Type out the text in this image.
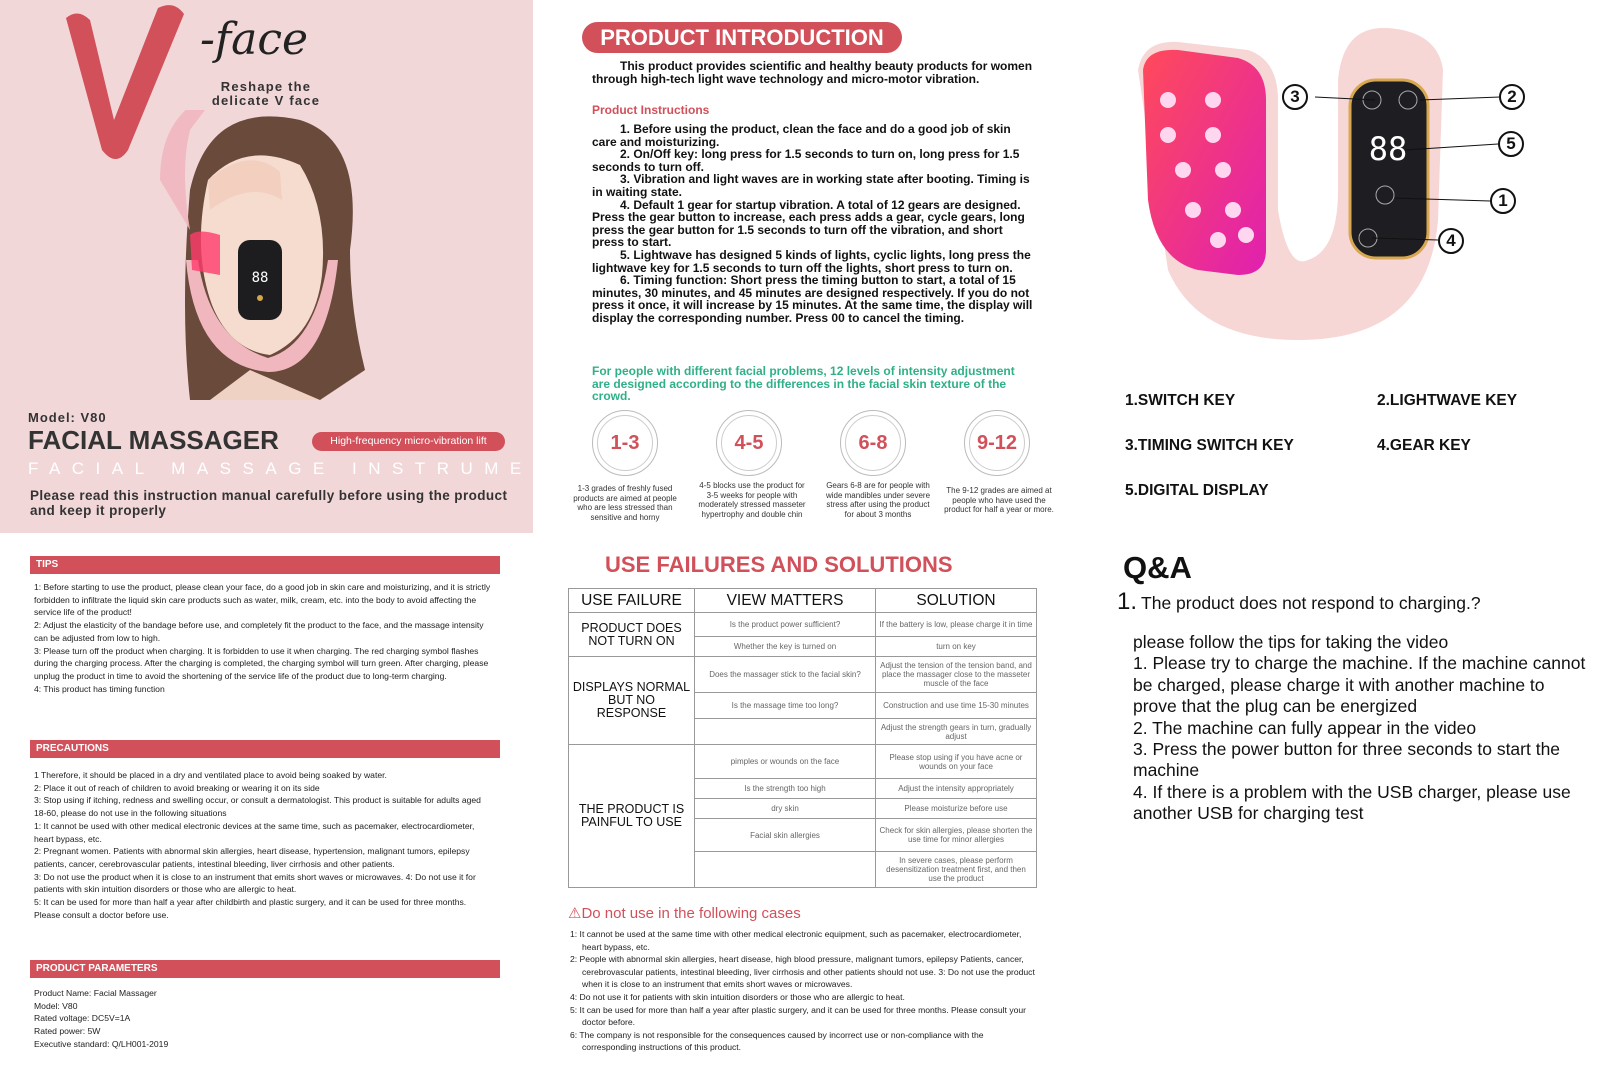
-face
Reshape the delicate V face
88
Model: V80
FACIAL MASSAGER	High-frequency micro-vibration lift
FACIAL MASSAGE INSTRUMENT
Please read this instruction manual carefully before using the product and keep it properly
TIPS

1: Before starting to use the product, please clean your face, do a good job in skin care and moisturizing, and it is strictly forbidden to infiltrate the liquid skin care products such as water, milk, cream, etc. into the body to avoid affecting the service life of the product!

2: Adjust the elasticity of the bandage before use, and completely fit the product to the face, and the massage intensity can be adjusted from low to high.

3: Please turn off the product when charging. It is forbidden to use it when charging. The red charging symbol flashes during the charging process. After the charging is completed, the charging symbol will turn green. After charging, please unplug the product in time to avoid the shortening of the service life of the product due to long-term charging.

4: This product has timing function

PRECAUTIONS

1 Therefore, it should be placed in a dry and ventilated place to avoid being soaked by water.

2: Place it out of reach of children to avoid breaking or wearing it on its side

3: Stop using if itching, redness and swelling occur, or consult a dermatologist. This product is suitable for adults aged 18-60, please do not use in the following situations

1: It cannot be used with other medical electronic devices at the same time, such as pacemaker, electrocardiometer, heart bypass, etc.

2: Pregnant women. Patients with abnormal skin allergies, heart disease, hypertension, malignant tumors, epilepsy patients, cancer, cerebrovascular patients, intestinal bleeding, liver cirrhosis and other patients.

3: Do not use the product when it is close to an instrument that emits short waves or microwaves. 4: Do not use it for patients with skin intuition disorders or those who are allergic to heat.

5: It can be used for more than half a year after childbirth and plastic surgery, and it can be used for three months. Please consult a doctor before use.

PRODUCT PARAMETERS

Product Name: Facial Massager

Model: V80

Rated voltage: DC5V=1A

Rated power: 5W

Executive standard: Q/LH001-2019

PRODUCT INTRODUCTION

This product provides scientific and healthy beauty products for women through high-tech light wave technology and micro-motor vibration.

Product Instructions

1. Before using the product, clean the face and do a good job of skin care and moisturizing.

2. On/Off key: long press for 1.5 seconds to turn on, long press for 1.5 seconds to turn off.

3. Vibration and light waves are in working state after booting. Timing is in waiting state.

4. Default 1 gear for startup vibration. A total of 12 gears are designed. Press the gear button to increase, each press adds a gear, cycle gears, long press the gear button for 1.5 seconds to turn off the vibration, and short press to start.

5. Lightwave has designed 5 kinds of lights, cyclic lights, long press the lightwave key for 1.5 seconds to turn off the lights, short press to turn on.

6. Timing function: Short press the timing button to start, a total of 15 minutes, 30 minutes, and 45 minutes are designed respectively. If you do not press it once, it will increase by 15 minutes. At the same time, the display will display the corresponding number. Press 00 to cancel the timing.

For people with different facial problems, 12 levels of intensity adjustment are designed according to the differences in the facial skin texture of the crowd.
1-3	4-5	6-8	9-12
1-3 grades of freshly fused products are aimed at people who are less stressed than sensitive and horny
4-5 blocks use the product for 3-5 weeks for people with moderately stressed masseter hypertrophy and double chin
Gears 6-8 are for people with wide mandibles under severe stress after using the product for about 3 months
The 9-12 grades are aimed at people who have used the product for half a year or more.
USE FAILURES AND SOLUTIONS
USE FAILURE	VIEW MATTERS	SOLUTION
PRODUCT DOES NOT TURN ON	Is the product power sufficient?	If the battery is low, please charge it in time
	Whether the key is turned on	turn on key
DISPLAYS NORMAL BUT NO RESPONSE	Does the massager stick to the facial skin?	Adjust the tension of the tension band, and place the massager close to the masseter muscle of the face
	Is the massage time too long?	Construction and use time 15-30 minutes
		Adjust the strength gears in turn, gradually adjust
THE PRODUCT IS PAINFUL TO USE	pimples or wounds on the face	Please stop using if you have acne or wounds on your face
	Is the strength too high	Adjust the intensity appropriately
	dry skin	Please moisturize before use
	Facial skin allergies	Check for skin allergies, please shorten the use time for minor allergies
		In severe cases, please perform desensitization treatment first, and then use the product
⚠Do not use in the following cases

1: It cannot be used at the same time with other medical electronic equipment, such as pacemaker, electrocardiometer, heart bypass, etc.

2: People with abnormal skin allergies, heart disease, high blood pressure, malignant tumors, epilepsy Patients, cancer, cerebrovascular patients, intestinal bleeding, liver cirrhosis and other patients should not use. 3: Do not use the product when it is close to an instrument that emits short waves or microwaves.

4: Do not use it for patients with skin intuition disorders or those who are allergic to heat.

5: It can be used for more than half a year after plastic surgery, and it can be used for three months. Please consult your doctor before.

6: The company is not responsible for the consequences caused by incorrect use or non-compliance with the corresponding instructions of this product.

88
3	2
5
1
4
1.SWITCH KEY	2.LIGHTWAVE KEY
3.TIMING SWITCH KEY	4.GEAR KEY
5.DIGITAL DISPLAY
Q&A
1. The product does not respond to charging.?

please follow the tips for taking the video

1. Please try to charge the machine. If the machine cannot be charged, please charge it with another machine to prove that the plug can be energized

2. The machine can fully appear in the video

3. Press the power button for three seconds to start the machine

4. If there is a problem with the USB charger, please use another USB for charging test
